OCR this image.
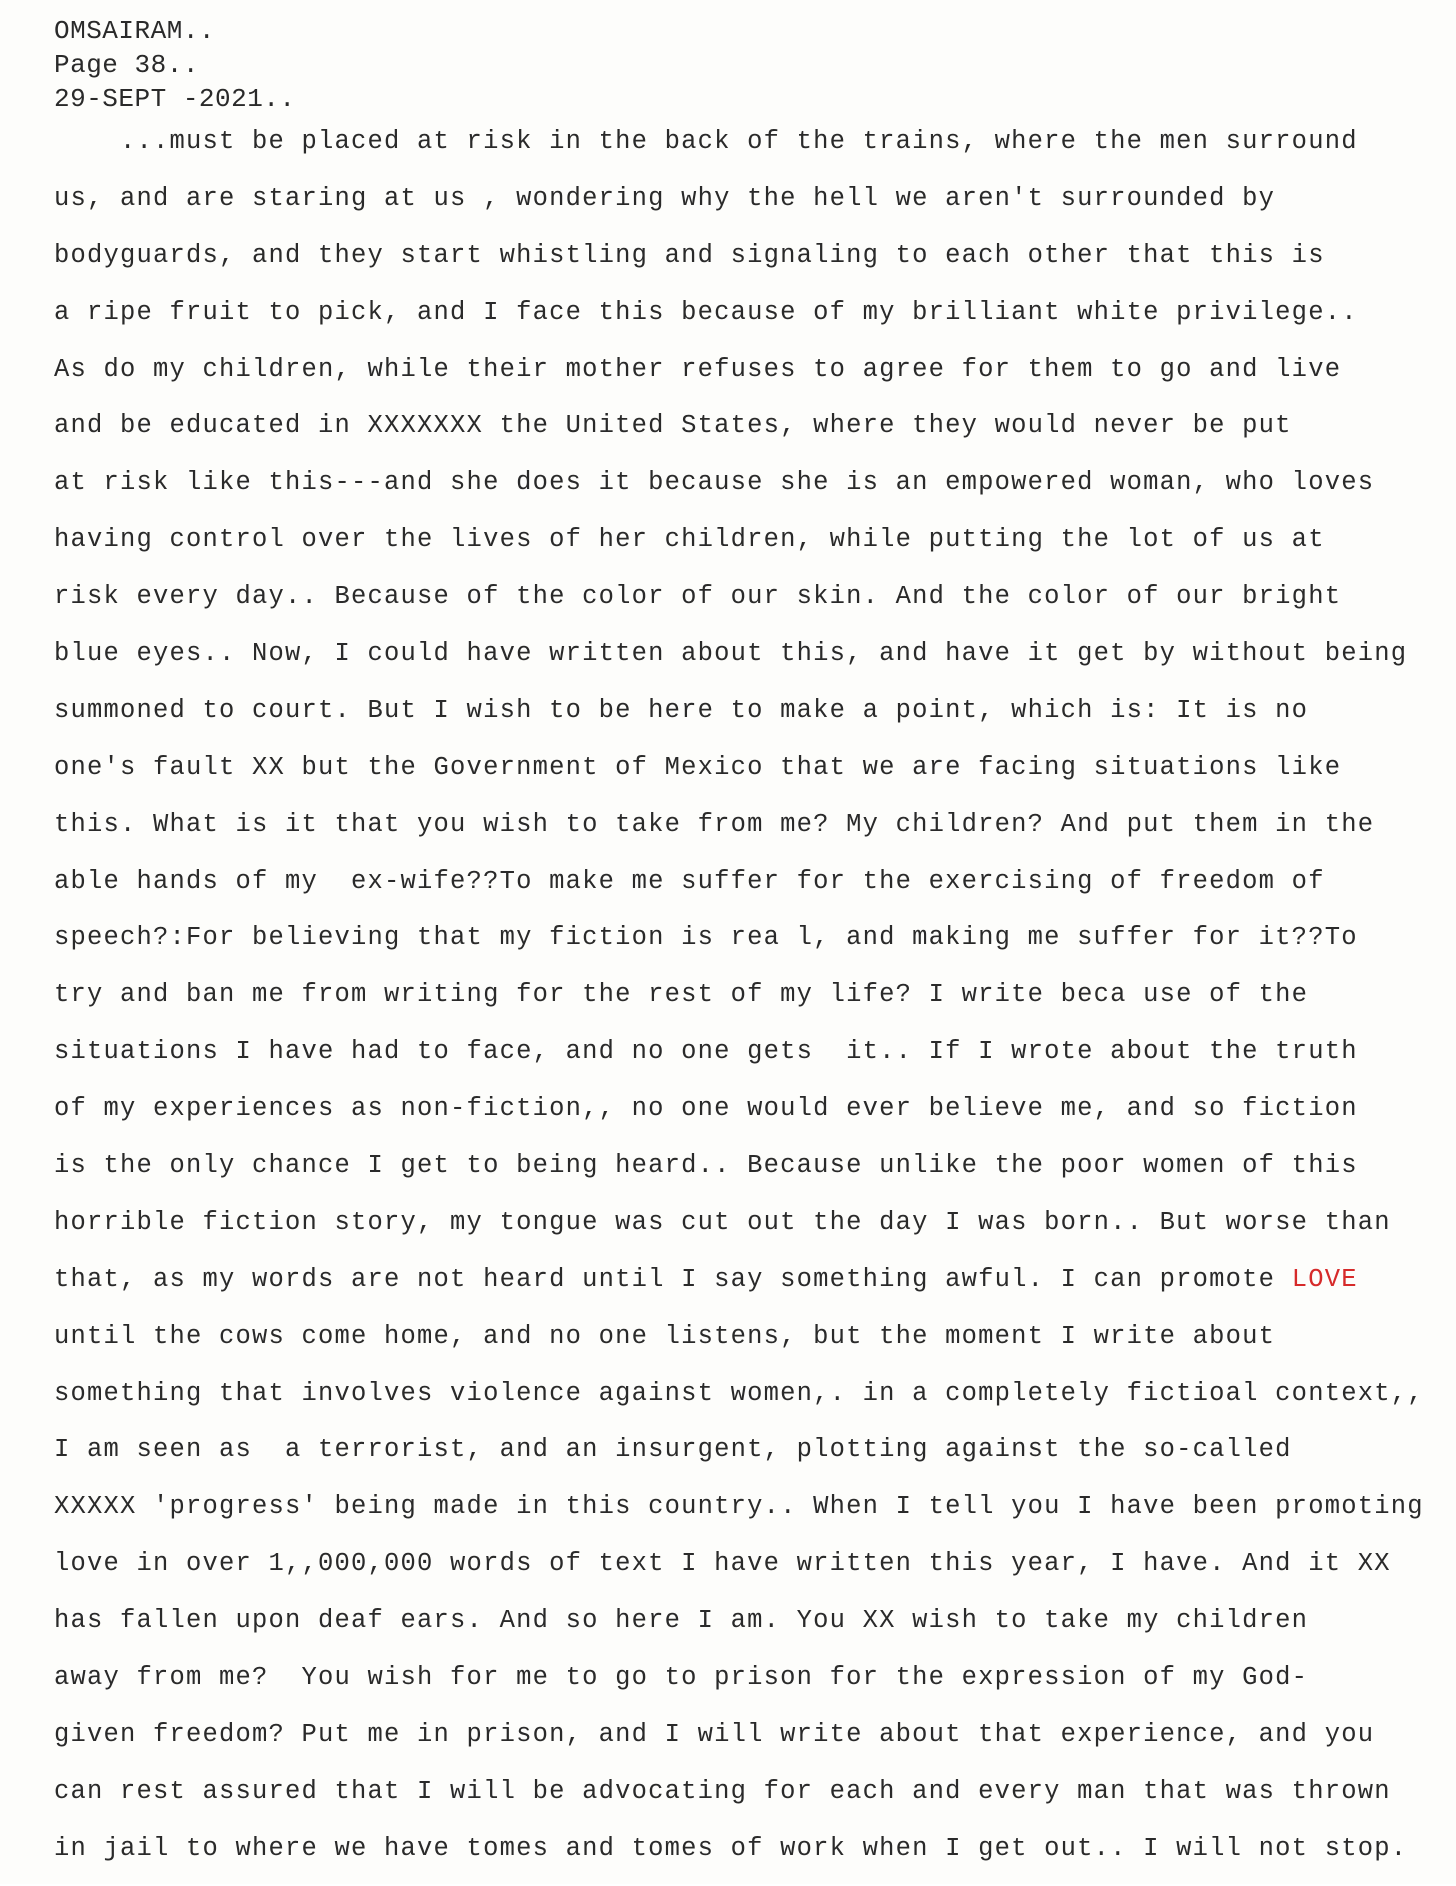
OMSAIRAM..
Page 38..
29-SEPT -2021..
...must be placed at risk in the back of the trains, where the men surround
us, and are staring at us , wondering why the hell we aren't surrounded by
bodyguards, and they start whistling and signaling to each other that this is
a ripe fruit to pick, and I face this because of my brilliant white privilege..
As do my children, while their mother refuses to agree for them to go and live
and be educated in XXXXXXX the United States, where they would never be put
at risk like this---and she does it because she is an empowered woman, who loves
having control over the lives of her children, while putting the lot of us at
risk every day.. Because of the color of our skin. And the color of our bright
blue eyes.. Now, I could have written about this, and have it get by without being
summoned to court. But I wish to be here to make a point, which is: It is no
one's fault XX but the Government of Mexico that we are facing situations like
this. What is it that you wish to take from me? My children? And put them in the
able hands of my  ex-wife??To make me suffer for the exercising of freedom of
speech?:For believing that my fiction is rea l, and making me suffer for it??To
try and ban me from writing for the rest of my life? I write beca use of the
situations I have had to face, and no one gets  it.. If I wrote about the truth
of my experiences as non-fiction,, no one would ever believe me, and so fiction
is the only chance I get to being heard.. Because unlike the poor women of this
horrible fiction story, my tongue was cut out the day I was born.. But worse than
that, as my words are not heard until I say something awful. I can promote LOVE
until the cows come home, and no one listens, but the moment I write about
something that involves violence against women,. in a completely fictioal context,,
I am seen as  a terrorist, and an insurgent, plotting against the so-called
XXXXX 'progress' being made in this country.. When I tell you I have been promoting
love in over 1,,000,000 words of text I have written this year, I have. And it XX
has fallen upon deaf ears. And so here I am. You XX wish to take my children
away from me?  You wish for me to go to prison for the expression of my God-
given freedom? Put me in prison, and I will write about that experience, and you
can rest assured that I will be advocating for each and every man that was thrown
in jail to where we have tomes and tomes of work when I get out.. I will not stop.
